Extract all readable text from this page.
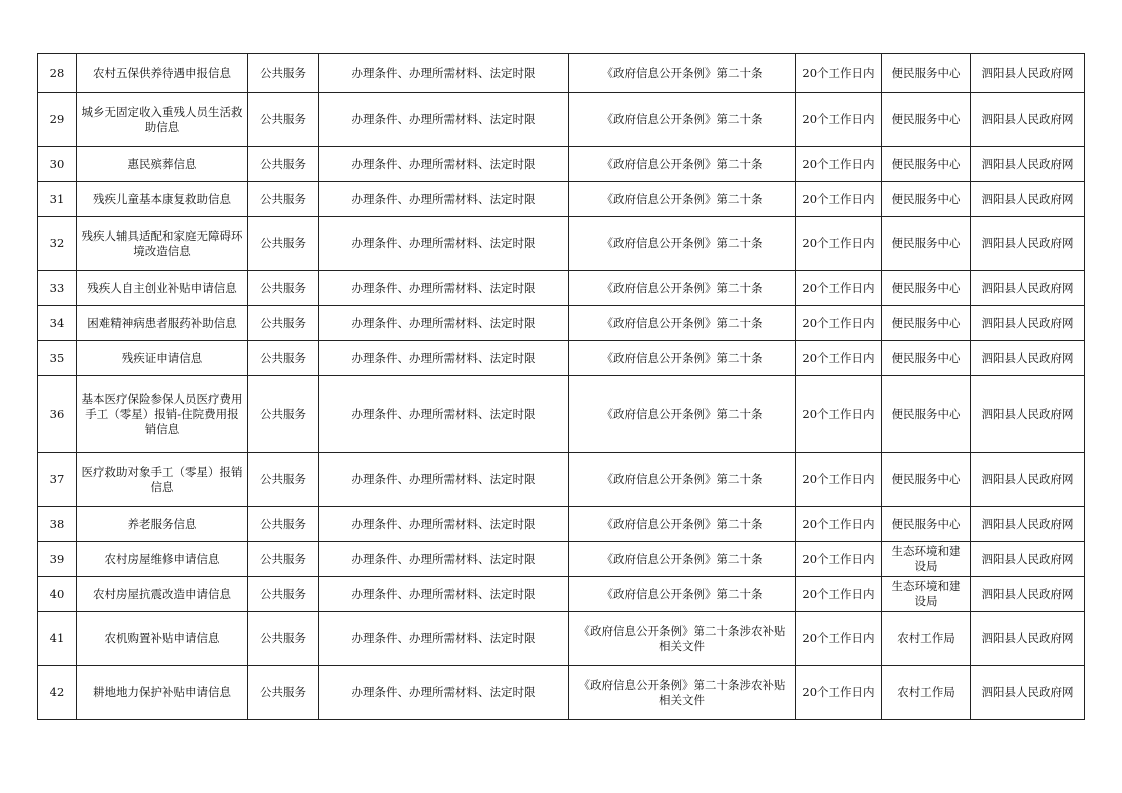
28	农村五保供养待遇申报信息	公共服务	办理条件、办理所需材料、法定时限	《政府信息公开条例》第二十条	20个工作日内	便民服务中心	泗阳县人民政府网
29	城乡无固定收入重残人员生活救助信息	公共服务	办理条件、办理所需材料、法定时限	《政府信息公开条例》第二十条	20个工作日内	便民服务中心	泗阳县人民政府网
30	惠民殡葬信息	公共服务	办理条件、办理所需材料、法定时限	《政府信息公开条例》第二十条	20个工作日内	便民服务中心	泗阳县人民政府网
31	残疾儿童基本康复救助信息	公共服务	办理条件、办理所需材料、法定时限	《政府信息公开条例》第二十条	20个工作日内	便民服务中心	泗阳县人民政府网
32	残疾人辅具适配和家庭无障碍环境改造信息	公共服务	办理条件、办理所需材料、法定时限	《政府信息公开条例》第二十条	20个工作日内	便民服务中心	泗阳县人民政府网
33	残疾人自主创业补贴申请信息	公共服务	办理条件、办理所需材料、法定时限	《政府信息公开条例》第二十条	20个工作日内	便民服务中心	泗阳县人民政府网
34	困难精神病患者服药补助信息	公共服务	办理条件、办理所需材料、法定时限	《政府信息公开条例》第二十条	20个工作日内	便民服务中心	泗阳县人民政府网
35	残疾证申请信息	公共服务	办理条件、办理所需材料、法定时限	《政府信息公开条例》第二十条	20个工作日内	便民服务中心	泗阳县人民政府网
36	基本医疗保险参保人员医疗费用手工（零星）报销-住院费用报销信息	公共服务	办理条件、办理所需材料、法定时限	《政府信息公开条例》第二十条	20个工作日内	便民服务中心	泗阳县人民政府网
37	医疗救助对象手工（零星）报销信息	公共服务	办理条件、办理所需材料、法定时限	《政府信息公开条例》第二十条	20个工作日内	便民服务中心	泗阳县人民政府网
38	养老服务信息	公共服务	办理条件、办理所需材料、法定时限	《政府信息公开条例》第二十条	20个工作日内	便民服务中心	泗阳县人民政府网
39	农村房屋维修申请信息	公共服务	办理条件、办理所需材料、法定时限	《政府信息公开条例》第二十条	20个工作日内	生态环境和建设局	泗阳县人民政府网
40	农村房屋抗震改造申请信息	公共服务	办理条件、办理所需材料、法定时限	《政府信息公开条例》第二十条	20个工作日内	生态环境和建设局	泗阳县人民政府网
41	农机购置补贴申请信息	公共服务	办理条件、办理所需材料、法定时限	《政府信息公开条例》第二十条涉农补贴相关文件	20个工作日内	农村工作局	泗阳县人民政府网
42	耕地地力保护补贴申请信息	公共服务	办理条件、办理所需材料、法定时限	《政府信息公开条例》第二十条涉农补贴相关文件	20个工作日内	农村工作局	泗阳县人民政府网
